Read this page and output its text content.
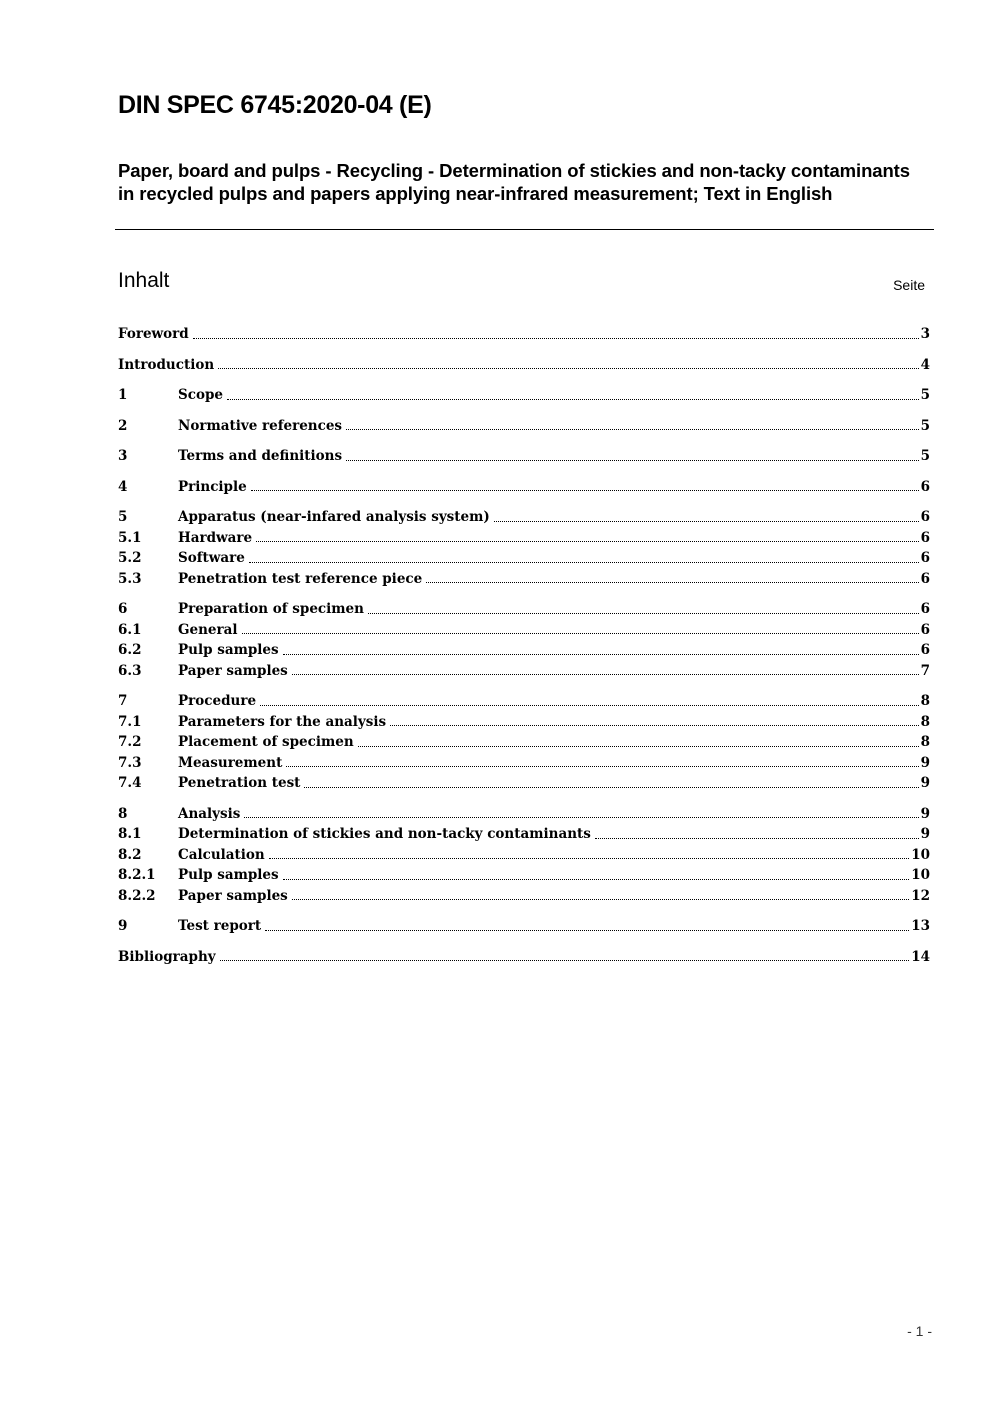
DIN SPEC 6745:2020-04 (E)
Paper, board and pulps - Recycling - Determination of stickies and non-tacky contaminants in recycled pulps and papers applying near-infrared measurement; Text in English
Inhalt	Seite
Foreword	3
Introduction	4
1	Scope	5
2	Normative references	5
3	Terms and definitions	5
4	Principle	6
5	Apparatus (near-infared analysis system)	6
5.1	Hardware	6
5.2	Software	6
5.3	Penetration test reference piece	6
6	Preparation of specimen	6
6.1	General	6
6.2	Pulp samples	6
6.3	Paper samples	7
7	Procedure	8
7.1	Parameters for the analysis	8
7.2	Placement of specimen	8
7.3	Measurement	9
7.4	Penetration test	9
8	Analysis	9
8.1	Determination of stickies and non-tacky contaminants	9
8.2	Calculation	10
8.2.1	Pulp samples	10
8.2.2	Paper samples	12
9	Test report	13
Bibliography	14
- 1 -
